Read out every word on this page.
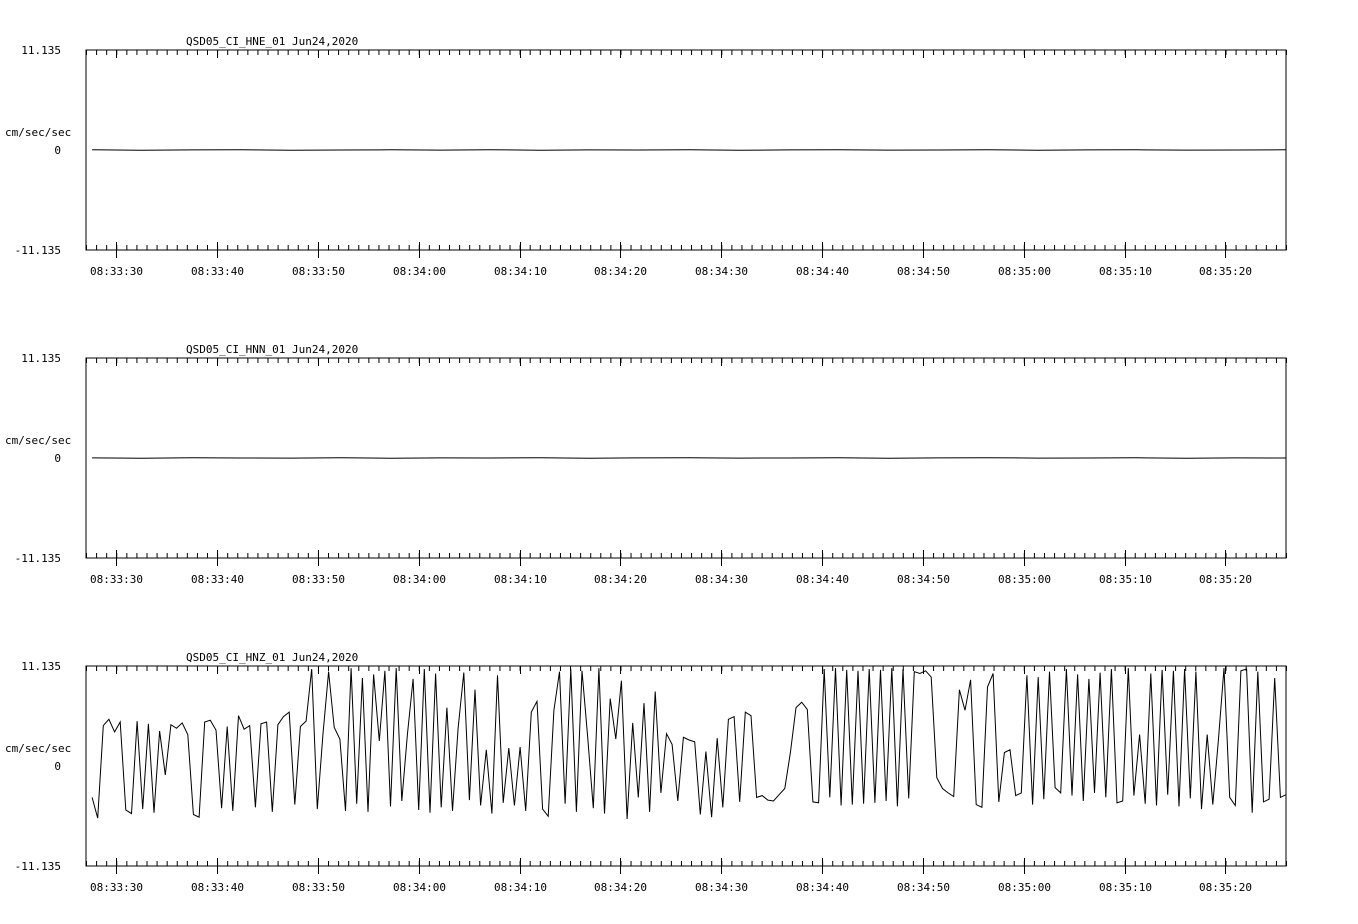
QSD05_CI_HNE_01 Jun24,2020
cm/sec/sec
11.135
0
-11.135
08:33:30	08:33:40	08:33:50	08:34:00	08:34:10	08:34:20	08:34:30	08:34:40	08:34:50	08:35:00	08:35:10	08:35:20
QSD05_CI_HNN_01 Jun24,2020
cm/sec/sec
11.135
0
-11.135
08:33:30	08:33:40	08:33:50	08:34:00	08:34:10	08:34:20	08:34:30	08:34:40	08:34:50	08:35:00	08:35:10	08:35:20
QSD05_CI_HNZ_01 Jun24,2020
cm/sec/sec
11.135
0
-11.135
08:33:30	08:33:40	08:33:50	08:34:00	08:34:10	08:34:20	08:34:30	08:34:40	08:34:50	08:35:00	08:35:10	08:35:20
